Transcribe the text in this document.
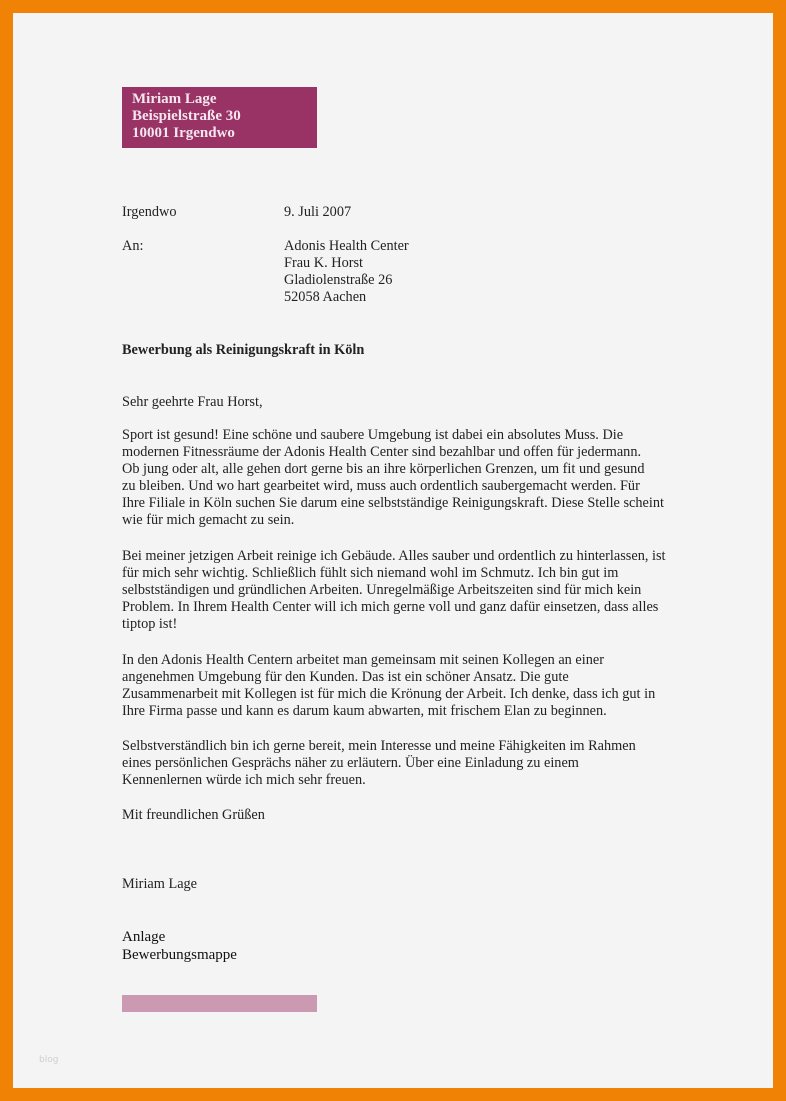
Miriam Lage
Beispielstraße 30
10001 Irgendwo
Irgendwo	9. Juli 2007
An:	Adonis Health Center
Frau K. Horst
Gladiolenstraße 26
52058 Aachen
Bewerbung als Reinigungskraft in Köln
Sehr geehrte Frau Horst,
Sport ist gesund! Eine schöne und saubere Umgebung ist dabei ein absolutes Muss. Die
modernen Fitnessräume der Adonis Health Center sind bezahlbar und offen für jedermann.
Ob jung oder alt, alle gehen dort gerne bis an ihre körperlichen Grenzen, um fit und gesund
zu bleiben. Und wo hart gearbeitet wird, muss auch ordentlich saubergemacht werden. Für
Ihre Filiale in Köln suchen Sie darum eine selbstständige Reinigungskraft. Diese Stelle scheint
wie für mich gemacht zu sein.
Bei meiner jetzigen Arbeit reinige ich Gebäude. Alles sauber und ordentlich zu hinterlassen, ist
für mich sehr wichtig. Schließlich fühlt sich niemand wohl im Schmutz. Ich bin gut im
selbstständigen und gründlichen Arbeiten. Unregelmäßige Arbeitszeiten sind für mich kein
Problem. In Ihrem Health Center will ich mich gerne voll und ganz dafür einsetzen, dass alles
tiptop ist!
In den Adonis Health Centern arbeitet man gemeinsam mit seinen Kollegen an einer
angenehmen Umgebung für den Kunden. Das ist ein schöner Ansatz. Die gute
Zusammenarbeit mit Kollegen ist für mich die Krönung der Arbeit. Ich denke, dass ich gut in
Ihre Firma passe und kann es darum kaum abwarten, mit frischem Elan zu beginnen.
Selbstverständlich bin ich gerne bereit, mein Interesse und meine Fähigkeiten im Rahmen
eines persönlichen Gesprächs näher zu erläutern. Über eine Einladung zu einem
Kennenlernen würde ich mich sehr freuen.
Mit freundlichen Grüßen
Miriam Lage
Anlage
Bewerbungsmappe
blog
